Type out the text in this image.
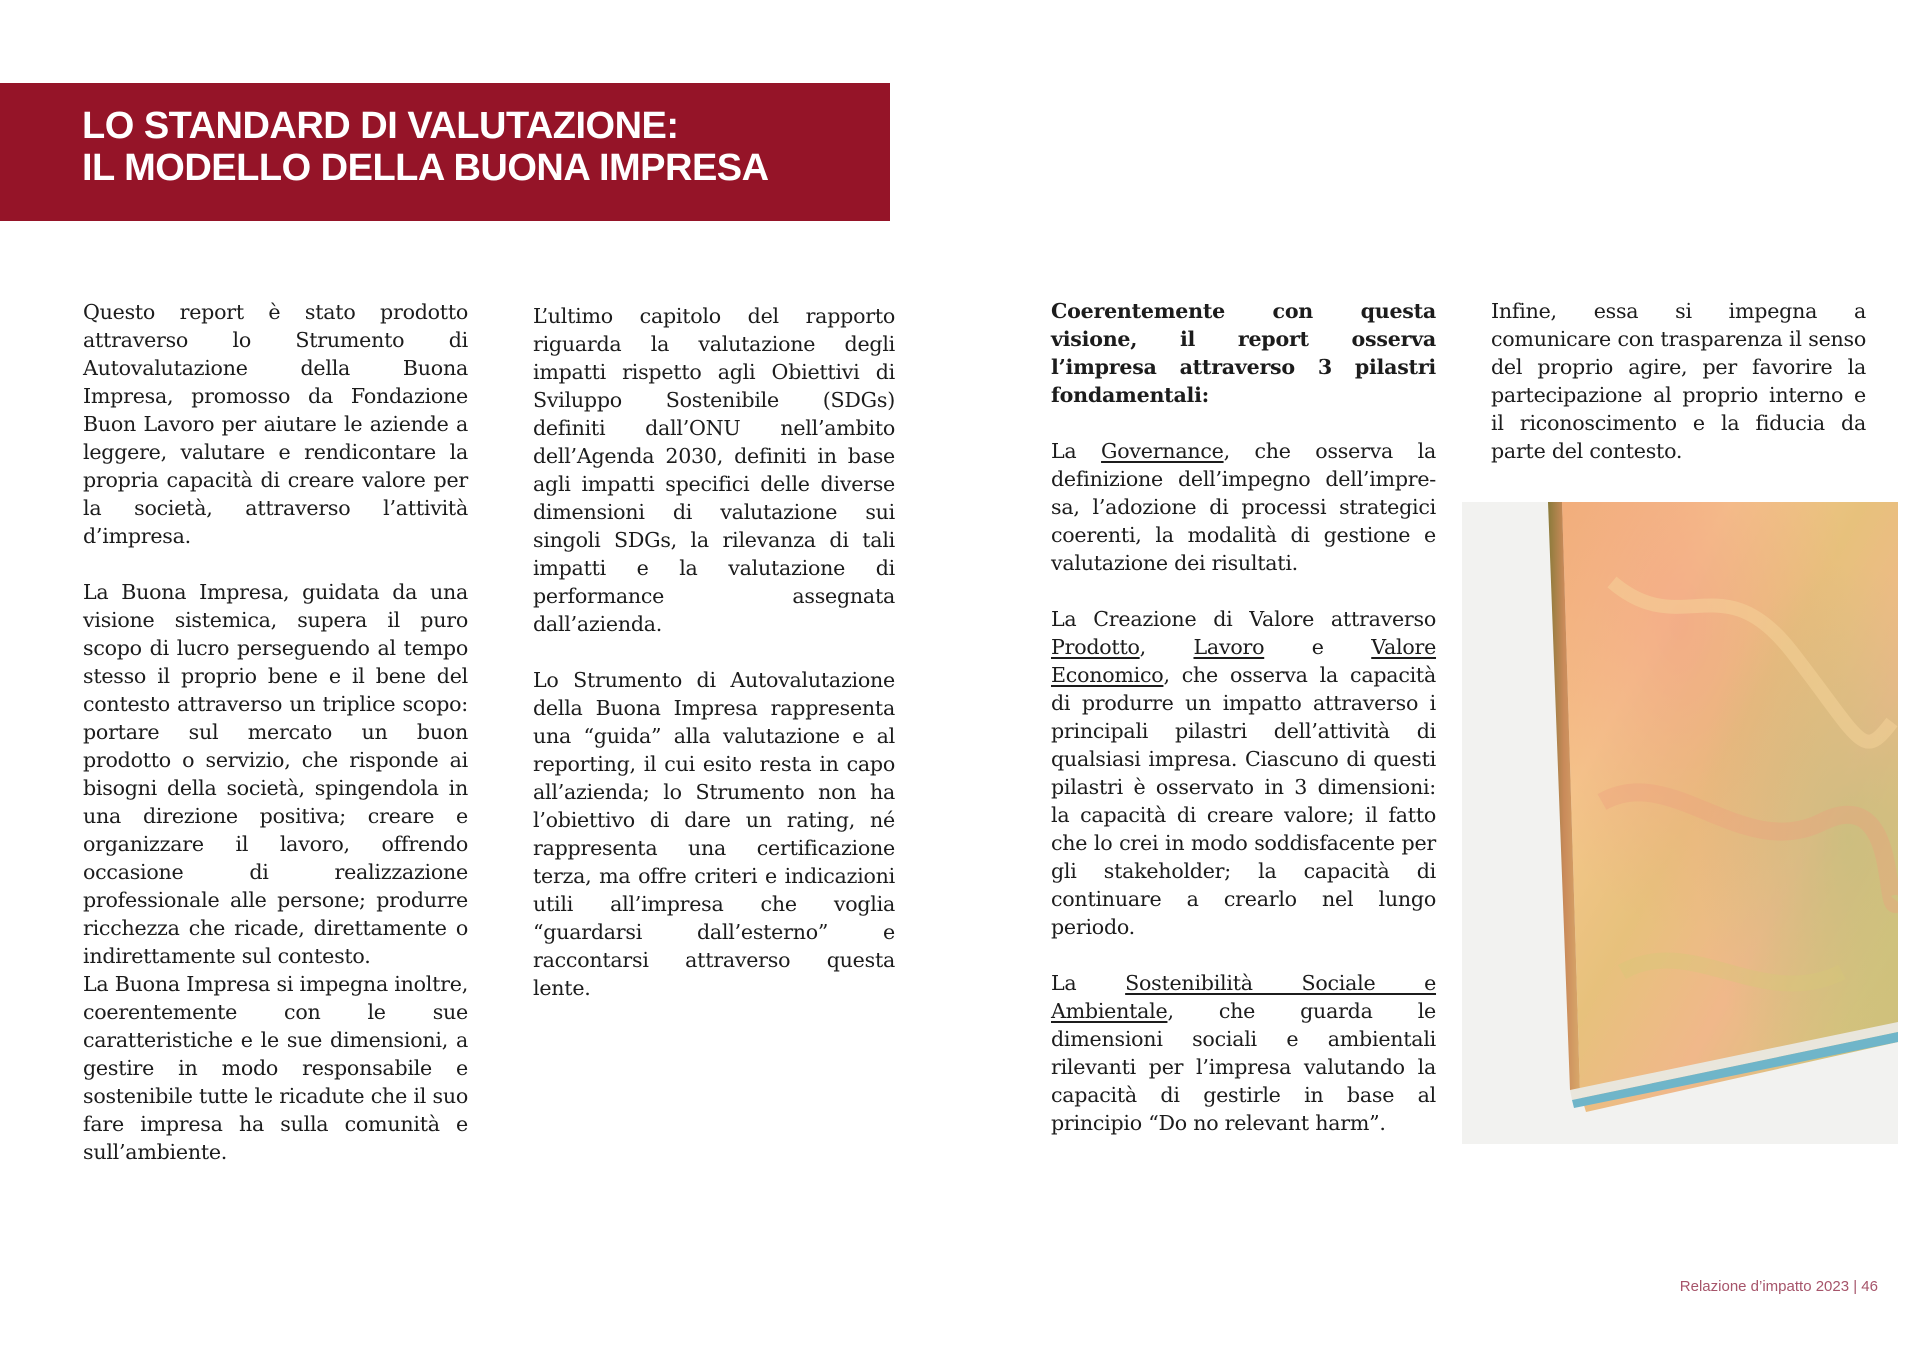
LO STANDARD DI VALUTAZIONE:
IL MODELLO DELLA BUONA IMPRESA

Questo report è stato prodotto attraverso lo Strumento di Autovalutazione della Buona Impresa, promosso da Fondazione Buon Lavoro per aiutare le aziende a leggere, valutare e rendicontare la propria capacità di creare valore per la società, attraverso l’attività d’impresa.

La Buona Impresa, guidata da una visione sistemica, supera il puro scopo di lucro perseguendo al tempo stesso il proprio bene e il bene del contesto attraverso un triplice scopo: portare sul mercato un buon prodotto o servizio, che risponde ai bisogni della società, spingendola in una direzione positiva; creare e organizzare il lavoro, offrendo occasione di realizzazione professionale alle persone; produrre ricchezza che ricade, direttamente o indirettamente sul contesto.

La Buona Impresa si impegna inoltre, coerentemente con le sue caratteristiche e le sue dimensioni, a gestire in modo responsabile e sostenibile tutte le ricadute che il suo fare impresa ha sulla comunità e sull’ambiente.

L’ultimo capitolo del rapporto riguarda la valutazione degli impatti rispetto agli Obiettivi di Sviluppo Sostenibile (SDGs) definiti dall’ONU nell’ambito dell’Agenda 2030, definiti in base agli impatti specifici delle diverse dimensioni di valutazione sui singoli SDGs, la rilevanza di tali impatti e la valutazione di performance assegnata dall’azienda.

Lo Strumento di Autovalutazione della Buona Impresa rappresenta una “guida” alla valutazione e al reporting, il cui esito resta in capo all’azienda; lo Strumento non ha l’obiettivo di dare un rating, né rappresenta una certificazione terza, ma offre criteri e indicazioni utili all’impresa che voglia “guardarsi dall’esterno” e raccontarsi attraverso questa lente.

Coerentemente con questa visione, il report osserva l’impresa attraverso 3 pilastri fondamentali:

La Governance, che osserva la definizione dell’impegno dell’impre- sa, l’adozione di processi strategici coerenti, la modalità di gestione e valutazione dei risultati.

La Creazione di Valore attraverso Prodotto, Lavoro e Valore Economico, che osserva la capacità di produrre un impatto attraverso i principali pilastri dell’attività di qualsiasi impresa. Ciascuno di questi pilastri è osservato in 3 dimensioni: la capacità di creare valore; il fatto che lo crei in modo soddisfacente per gli stakeholder; la capacità di continuare a crearlo nel lungo periodo.

La Sostenibilità Sociale e Ambientale, che guarda le dimensioni sociali e ambientali rilevanti per l’impresa valutando la capacità di gestirle in base al principio “Do no relevant harm”.

Infine, essa si impegna a comunicare con trasparenza il senso del proprio agire, per favorire la partecipazione al proprio interno e il riconoscimento e la fiducia da parte del contesto.

Relazione d’impatto 2023 | 46
